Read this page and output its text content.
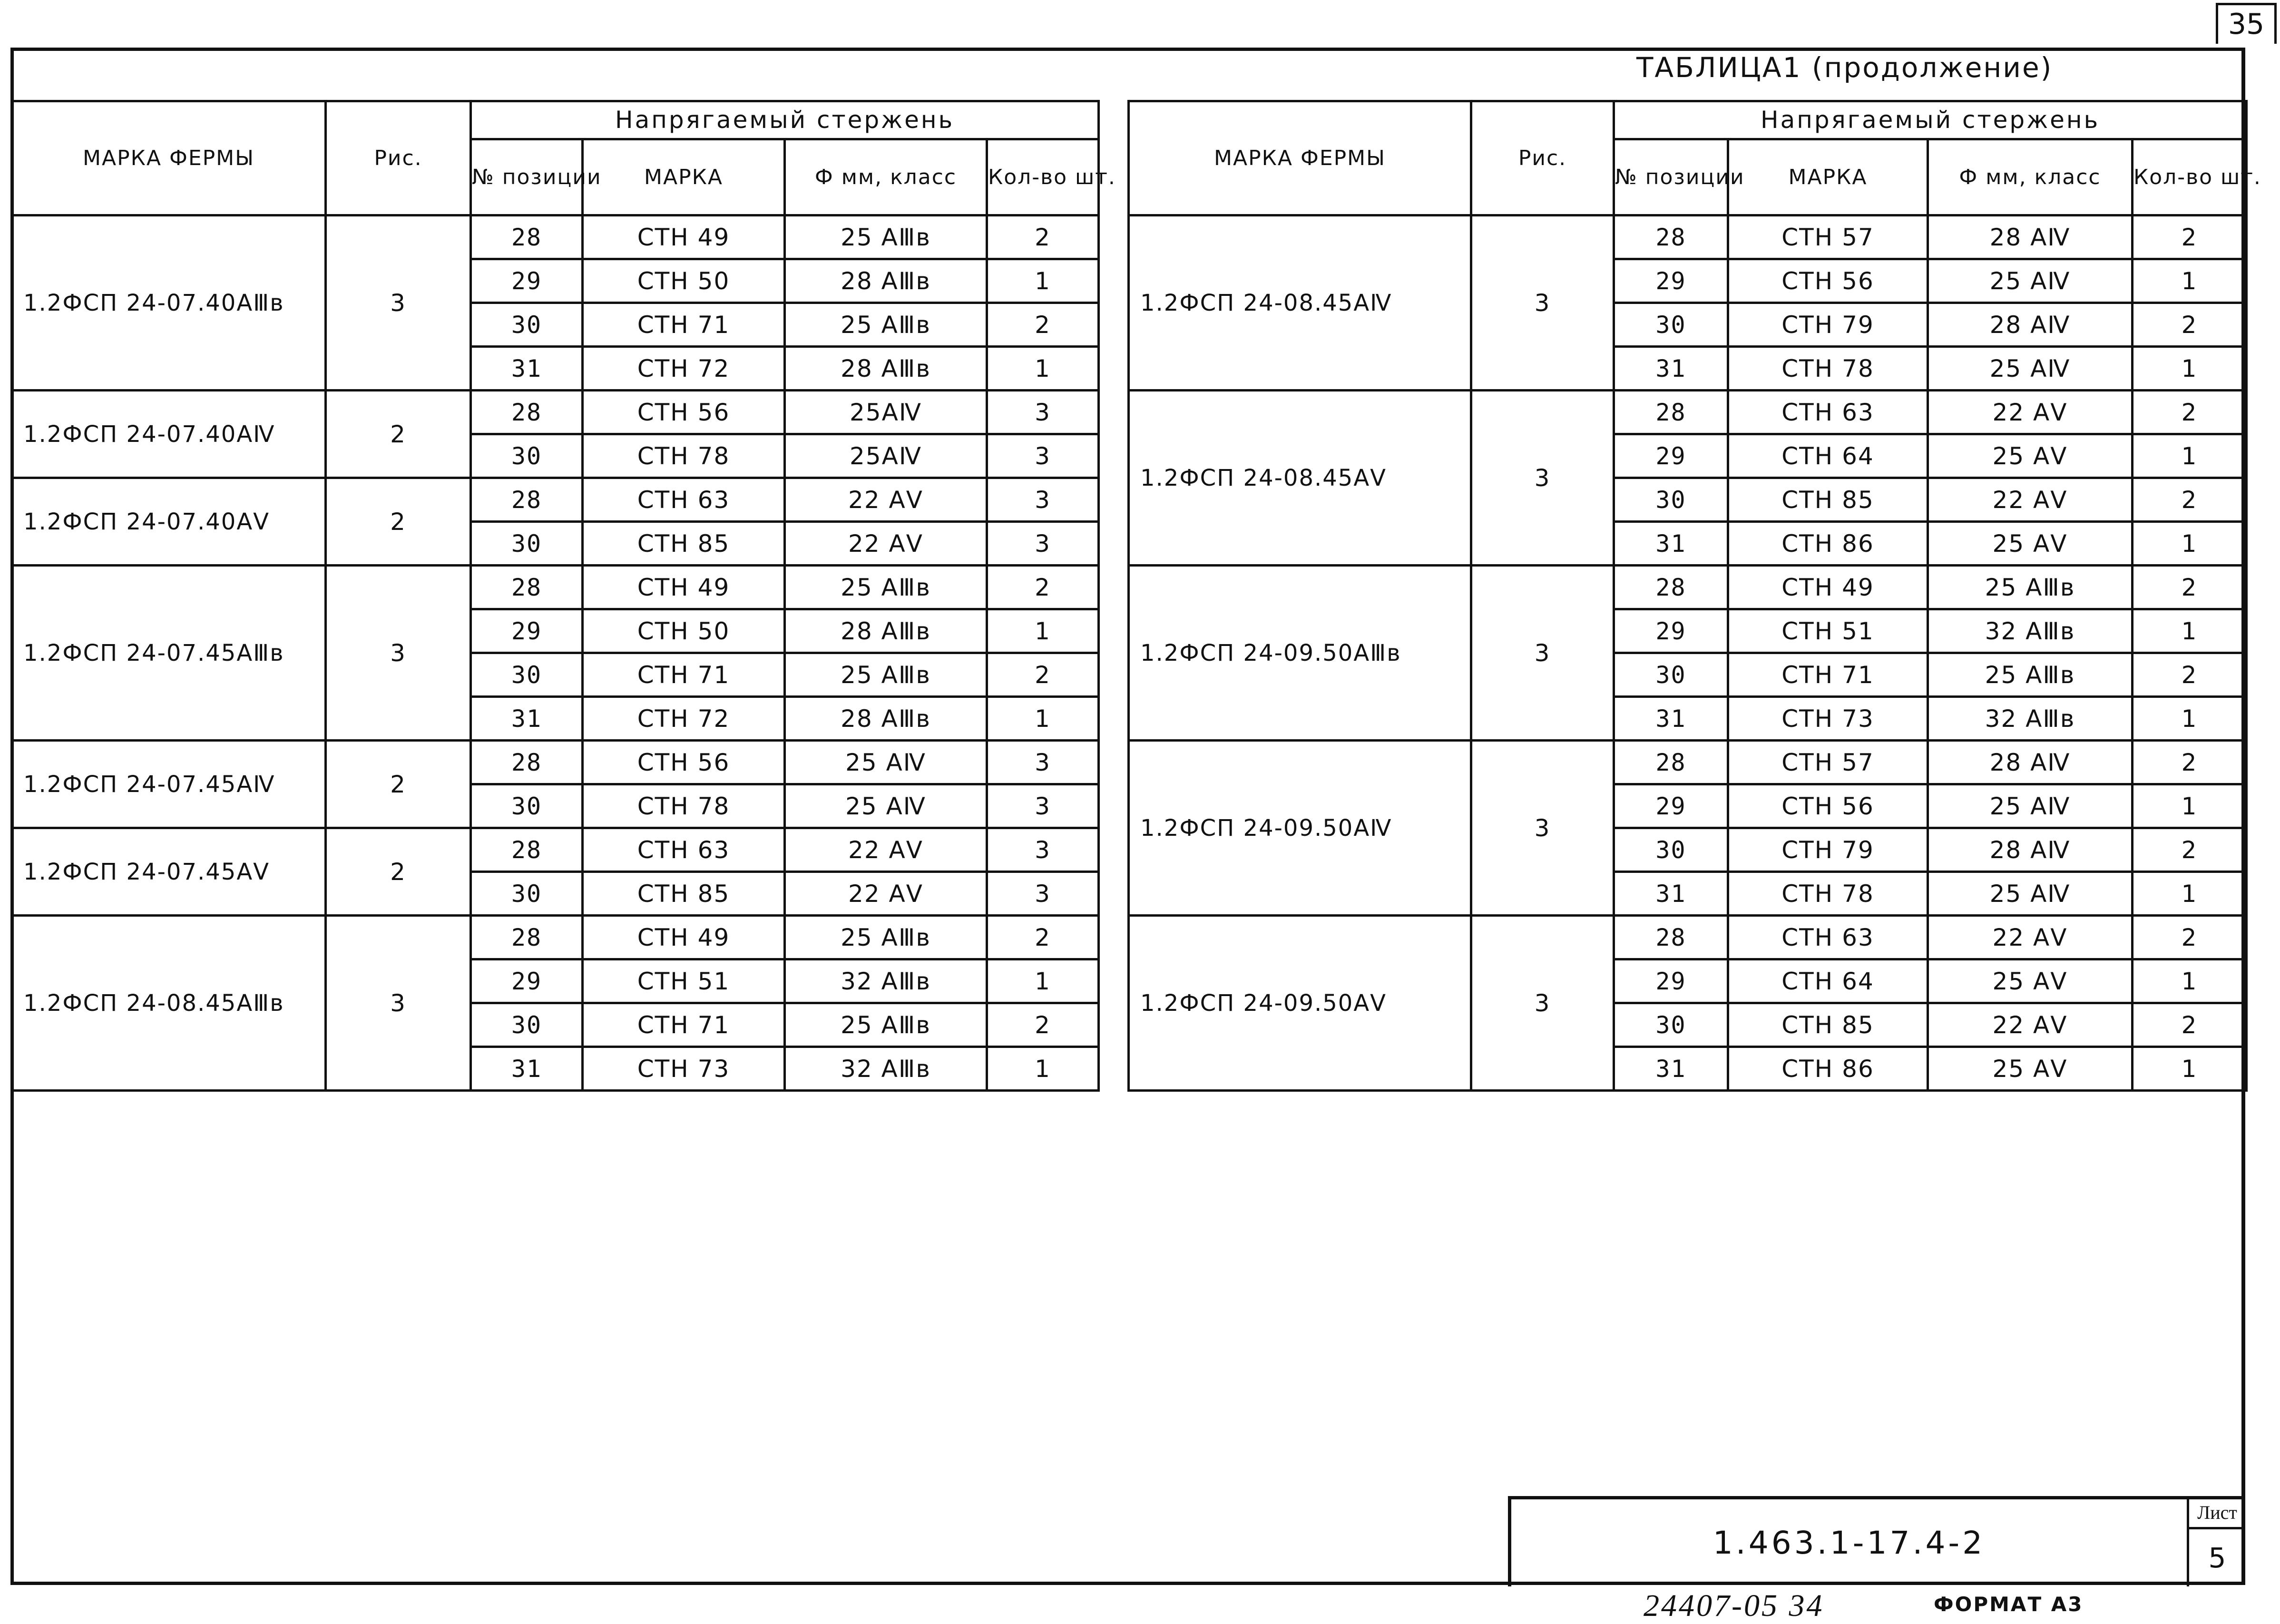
35
ТАБЛИЦА1 (продолжение)
МАРКА ФЕРМЫ	Рис.	Напрягаемый стержень			
		№ позиции	МАРКА	Ф мм, класс	Кол-во шт.
1.2ФСП 24-07.40АⅢв	3	28	СТН 49	25 АⅢв	2
		29	СТН 50	28 АⅢв	1
		30	СТН 71	25 АⅢв	2
		31	СТН 72	28 АⅢв	1
1.2ФСП 24-07.40АⅣ	2	28	СТН 56	25АⅣ	3
		30	СТН 78	25АⅣ	3
1.2ФСП 24-07.40АⅤ	2	28	СТН 63	22 АⅤ	3
		30	СТН 85	22 АⅤ	3
1.2ФСП 24-07.45АⅢв	3	28	СТН 49	25 АⅢв	2
		29	СТН 50	28 АⅢв	1
		30	СТН 71	25 АⅢв	2
		31	СТН 72	28 АⅢв	1
1.2ФСП 24-07.45АⅣ	2	28	СТН 56	25 АⅣ	3
		30	СТН 78	25 АⅣ	3
1.2ФСП 24-07.45АⅤ	2	28	СТН 63	22 АⅤ	3
		30	СТН 85	22 АⅤ	3
1.2ФСП 24-08.45АⅢв	3	28	СТН 49	25 АⅢв	2
		29	СТН 51	32 АⅢв	1
		30	СТН 71	25 АⅢв	2
		31	СТН 73	32 АⅢв	1
МАРКА ФЕРМЫ	Рис.	Напрягаемый стержень			
		№ позиции	МАРКА	Ф мм, класс	Кол-во шт.
1.2ФСП 24-08.45АⅣ	3	28	СТН 57	28 АⅣ	2
		29	СТН 56	25 АⅣ	1
		30	СТН 79	28 АⅣ	2
		31	СТН 78	25 АⅣ	1
1.2ФСП 24-08.45АⅤ	3	28	СТН 63	22 АⅤ	2
		29	СТН 64	25 АⅤ	1
		30	СТН 85	22 АⅤ	2
		31	СТН 86	25 АⅤ	1
1.2ФСП 24-09.50АⅢв	3	28	СТН 49	25 АⅢв	2
		29	СТН 51	32 АⅢв	1
		30	СТН 71	25 АⅢв	2
		31	СТН 73	32 АⅢв	1
1.2ФСП 24-09.50АⅣ	3	28	СТН 57	28 АⅣ	2
		29	СТН 56	25 АⅣ	1
		30	СТН 79	28 АⅣ	2
		31	СТН 78	25 АⅣ	1
1.2ФСП 24-09.50АⅤ	3	28	СТН 63	22 АⅤ	2
		29	СТН 64	25 АⅤ	1
		30	СТН 85	22 АⅤ	2
		31	СТН 86	25 АⅤ	1
1.463.1-17.4-2
Лист
5
24407-05 34	ФОРМАТ А3
